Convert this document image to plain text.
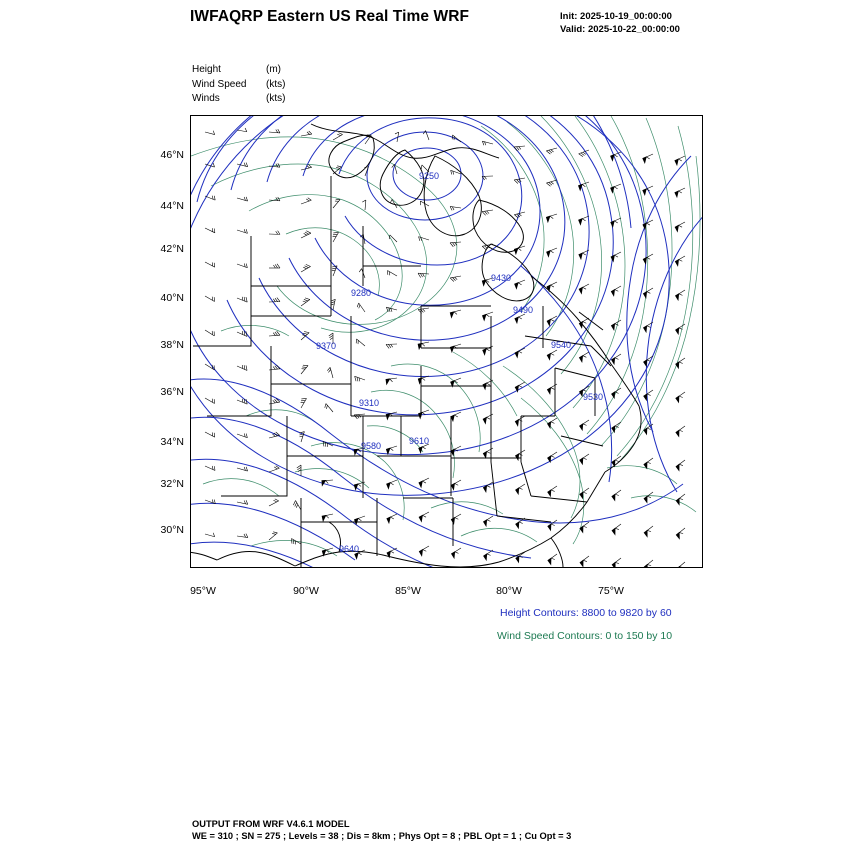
IWFAQRP Eastern US Real Time WRF	Init: 2025-10-19_00:00:00
Valid: 2025-10-22_00:00:00
Height	(m)
Wind Speed (kts)
Winds	(kts)
46°N
44°N
42°N
40°N
38°N
36°N
34°N
32°N
30°N
95°W	90°W	85°W	80°W	75°W
9250
9280
9310
9370
9430
9490
9530
9540
9580	9610
9640
Height Contours: 8800 to 9820 by 60
Wind Speed Contours: 0 to 150 by 10
OUTPUT FROM WRF V4.6.1 MODEL
WE = 310 ; SN = 275 ; Levels = 38 ; Dis = 8km ; Phys Opt = 8 ; PBL Opt = 1 ; Cu Opt = 3
